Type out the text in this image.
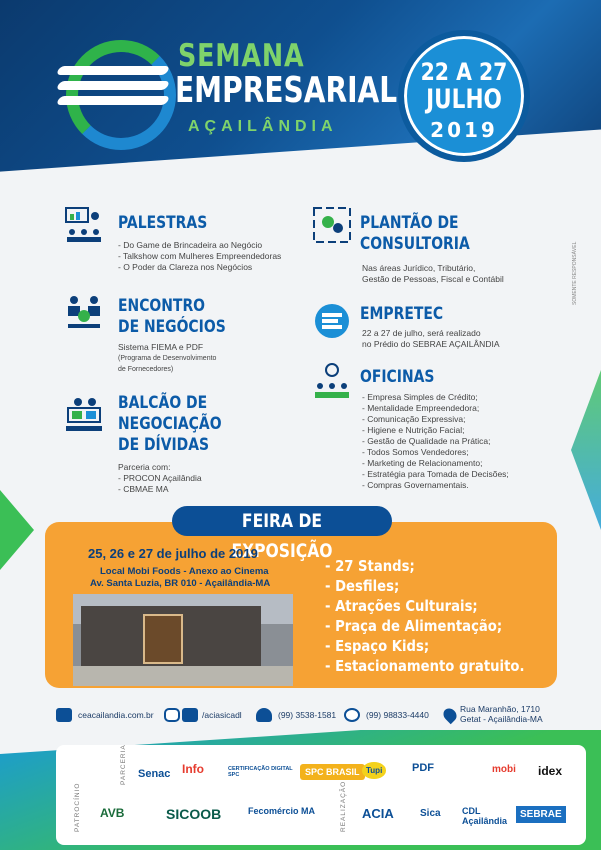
SEMANA
EMPRESARIAL
AÇAILÂNDIA
22 A 27
JULHO
2019
PALESTRAS
- Do Game de Brincadeira ao Negócio
- Talkshow com Mulheres Empreendedoras
- O Poder da Clareza nos Negócios
PLANTÃO DE
CONSULTORIA
Nas áreas Jurídico, Tributário,
Gestão de Pessoas, Fiscal e Contábil
ENCONTRO
DE NEGÓCIOS
Sistema FIEMA e PDF
(Programa de Desenvolvimento
de Fornecedores)
EMPRETEC
22 a 27 de julho, será realizado
no Prédio do SEBRAE AÇAILÂNDIA
OFICINAS
- Empresa Simples de Crédito;
- Mentalidade Empreendedora;
- Comunicação Expressiva;
- Higiene e Nutrição Facial;
- Gestão de Qualidade na Prática;
- Todos Somos Vendedores;
- Marketing de Relacionamento;
- Estratégia para Tomada de Decisões;
- Compras Governamentais.
BALCÃO DE
NEGOCIAÇÃO
DE DÍVIDAS
Parceria com:
- PROCON Açailândia
- CBMAE MA
SOMENTE RESPONSÁVEL
FEIRA DE EXPOSIÇÃO
25, 26 e 27 de julho de 2019
Local Mobi Foods - Anexo ao Cinema
Av. Santa Luzia, BR 010 - Açailândia-MA
- 27 Stands;
- Desfiles;
- Atrações Culturais;
- Praça de Alimentação;
- Espaço Kids;
- Estacionamento gratuito.
ceacailandia.com.br	/aciasicadl	(99) 3538-1581	(99) 98833-4440
Rua Maranhão, 1710
Getat - Açailândia-MA
PARCERIA
PATROCÍNIO	REALIZAÇÃO
Senac Info	CERTIFICAÇÃO DIGITAL SPC	SPC BRASIL Tupi	PDF	mobi idex
AVB	SICOOB	Fecomércio MA	ACIA	Sica CDL Açailândia
SEBRAE
